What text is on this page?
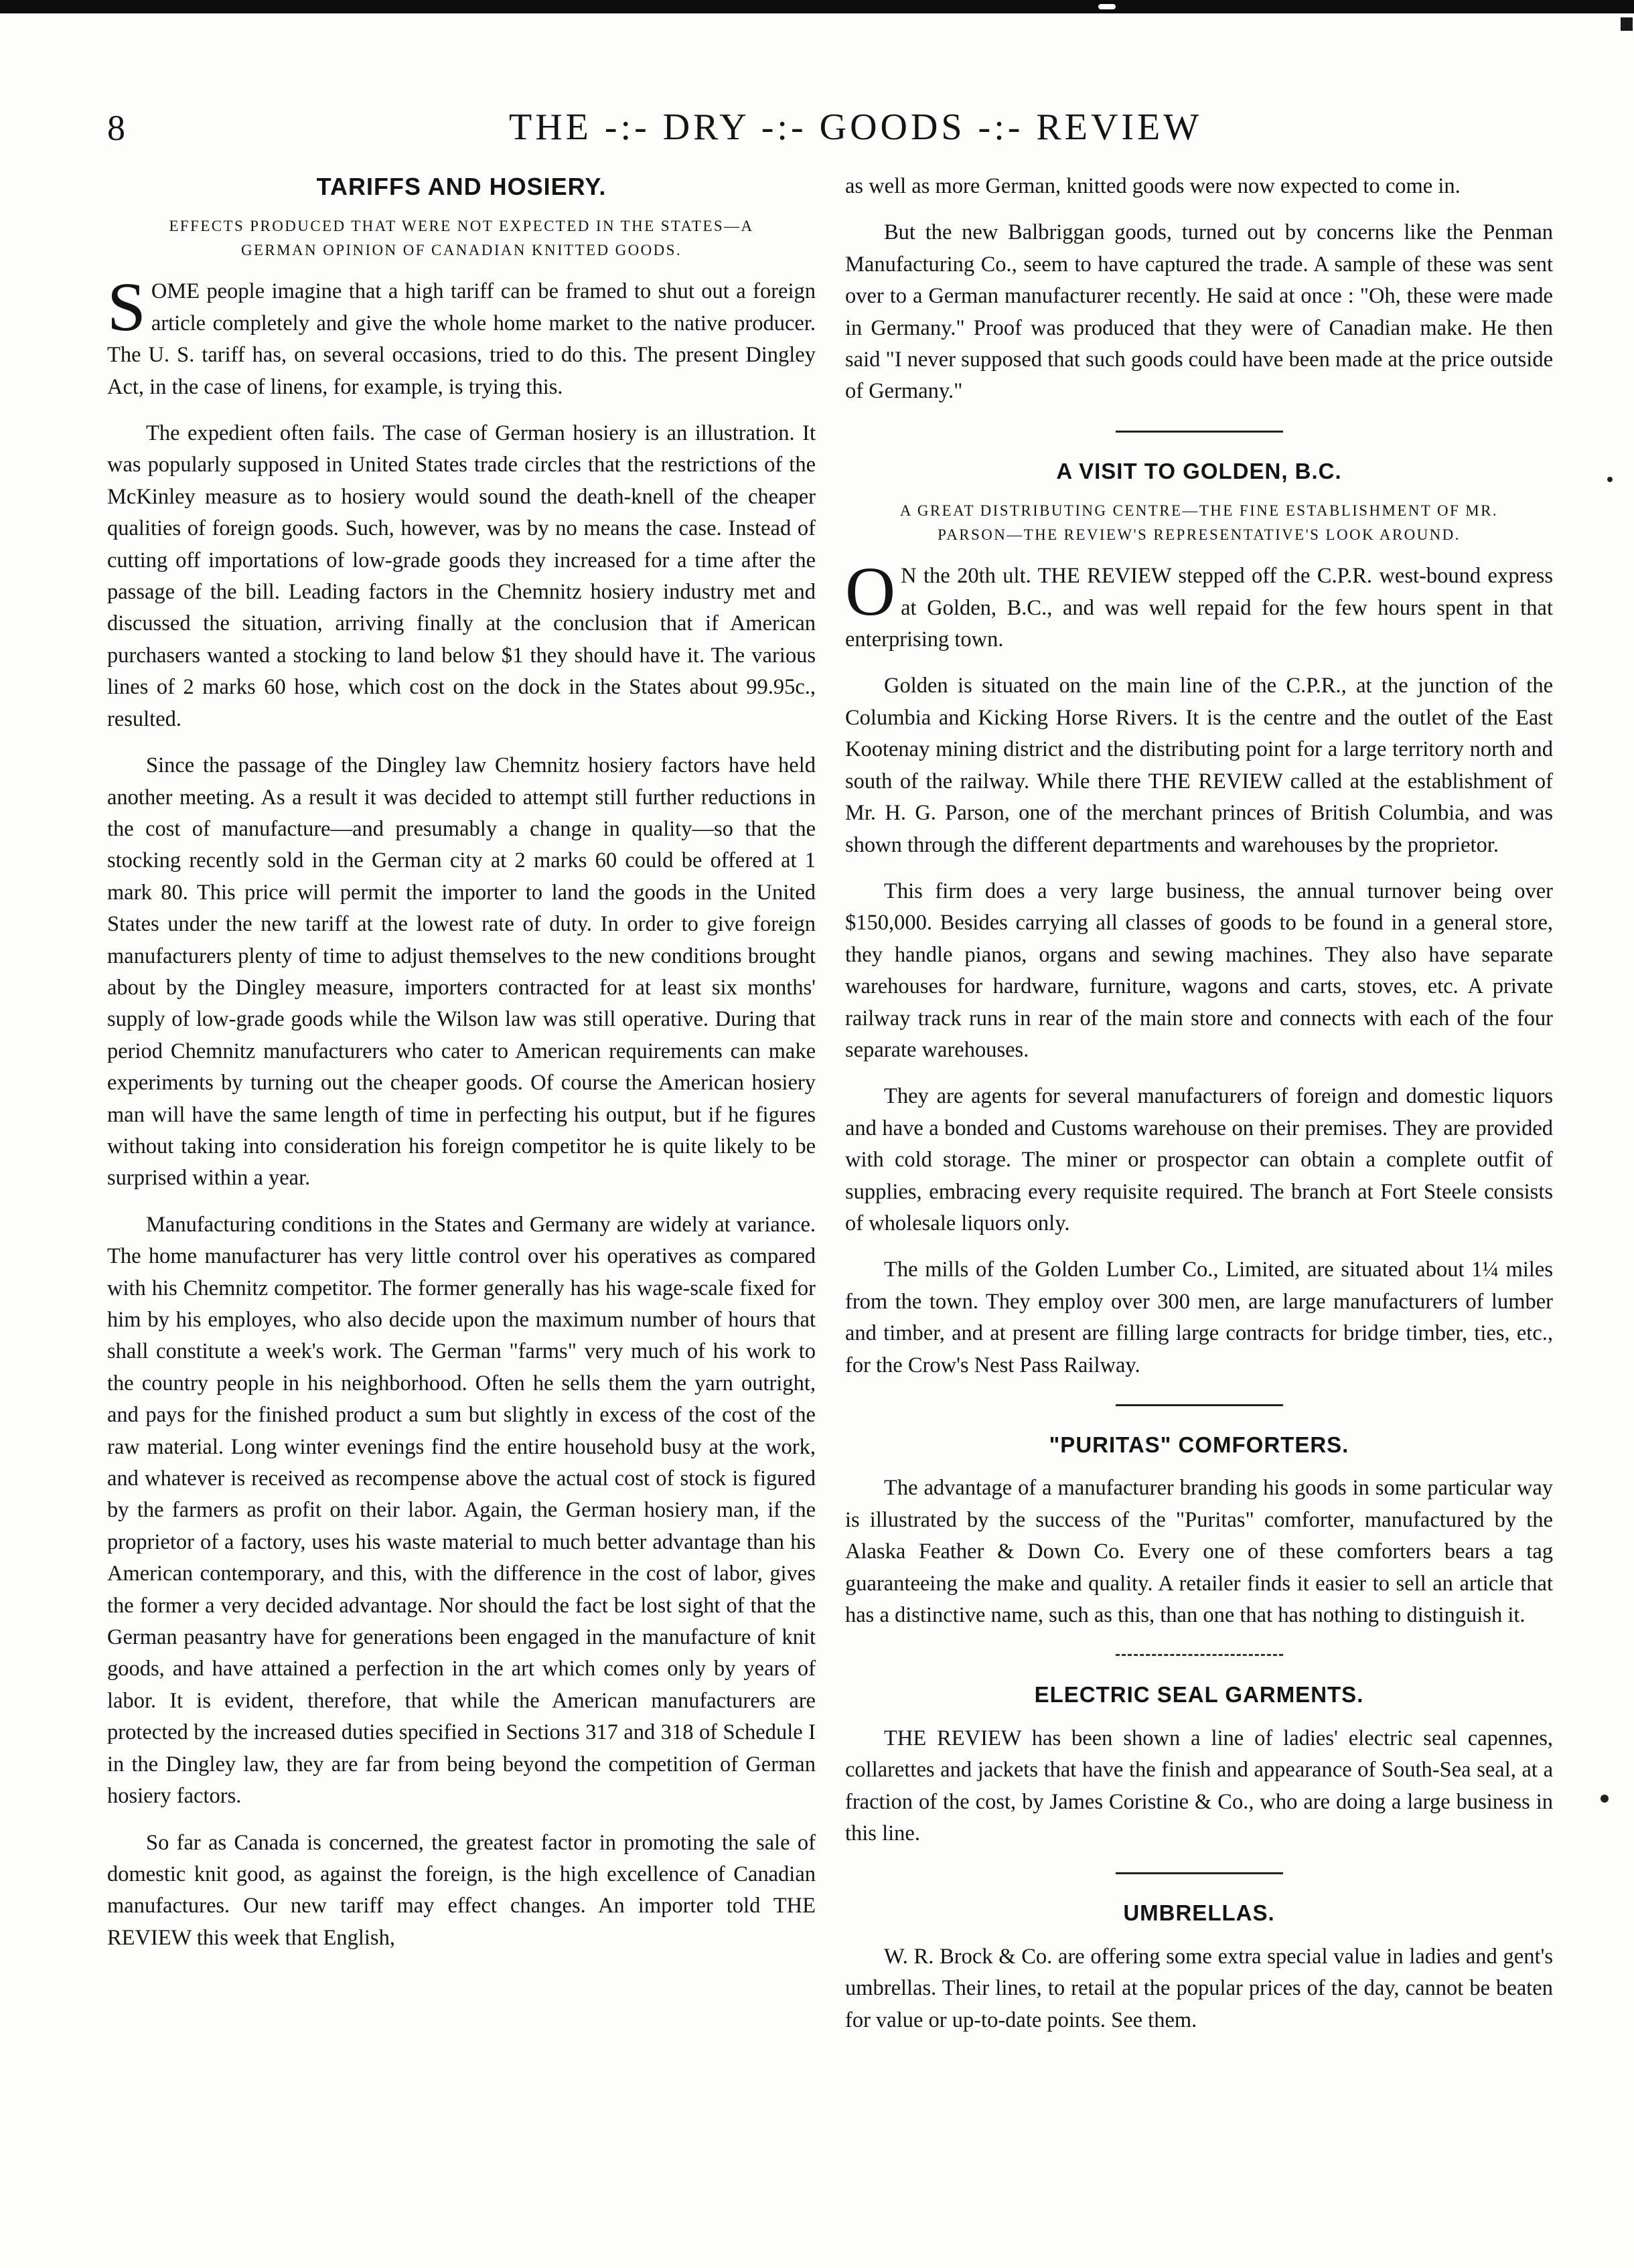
8	THE -:- DRY -:- GOODS -:- REVIEW
TARIFFS AND HOSIERY.
EFFECTS PRODUCED THAT WERE NOT EXPECTED IN THE STATES—A GERMAN OPINION OF CANADIAN KNITTED GOODS.

SOME people imagine that a high tariff can be framed to shut out a foreign article completely and give the whole home market to the native producer. The U. S. tariff has, on several occasions, tried to do this. The present Dingley Act, in the case of linens, for example, is trying this.

The expedient often fails. The case of German hosiery is an illustration. It was popularly supposed in United States trade circles that the restrictions of the McKinley measure as to hosiery would sound the death-knell of the cheaper qualities of foreign goods. Such, however, was by no means the case. Instead of cutting off importations of low-grade goods they increased for a time after the passage of the bill. Leading factors in the Chemnitz hosiery industry met and discussed the situation, arriving finally at the conclusion that if American purchasers wanted a stocking to land below $1 they should have it. The various lines of 2 marks 60 hose, which cost on the dock in the States about 99.95c., resulted.

Since the passage of the Dingley law Chemnitz hosiery factors have held another meeting. As a result it was decided to attempt still further reductions in the cost of manufacture—and presumably a change in quality—so that the stocking recently sold in the German city at 2 marks 60 could be offered at 1 mark 80. This price will permit the importer to land the goods in the United States under the new tariff at the lowest rate of duty. In order to give foreign manufacturers plenty of time to adjust themselves to the new conditions brought about by the Dingley measure, importers contracted for at least six months' supply of low-grade goods while the Wilson law was still operative. During that period Chemnitz manufacturers who cater to American requirements can make experiments by turning out the cheaper goods. Of course the American hosiery man will have the same length of time in perfecting his output, but if he figures without taking into consideration his foreign competitor he is quite likely to be surprised within a year.

Manufacturing conditions in the States and Germany are widely at variance. The home manufacturer has very little control over his operatives as compared with his Chemnitz competitor. The former generally has his wage-scale fixed for him by his employes, who also decide upon the maximum number of hours that shall constitute a week's work. The German "farms" very much of his work to the country people in his neighborhood. Often he sells them the yarn outright, and pays for the finished product a sum but slightly in excess of the cost of the raw material. Long winter evenings find the entire household busy at the work, and whatever is received as recompense above the actual cost of stock is figured by the farmers as profit on their labor. Again, the German hosiery man, if the proprietor of a factory, uses his waste material to much better advantage than his American contemporary, and this, with the difference in the cost of labor, gives the former a very decided advantage. Nor should the fact be lost sight of that the German peasantry have for generations been engaged in the manufacture of knit goods, and have attained a perfection in the art which comes only by years of labor. It is evident, therefore, that while the American manufacturers are protected by the increased duties specified in Sections 317 and 318 of Schedule I in the Dingley law, they are far from being beyond the competition of German hosiery factors.

So far as Canada is concerned, the greatest factor in promoting the sale of domestic knit good, as against the foreign, is the high excellence of Canadian manufactures. Our new tariff may effect changes. An importer told THE REVIEW this week that English,

as well as more German, knitted goods were now expected to come in.

But the new Balbriggan goods, turned out by concerns like the Penman Manufacturing Co., seem to have captured the trade. A sample of these was sent over to a German manufacturer recently. He said at once : "Oh, these were made in Germany." Proof was produced that they were of Canadian make. He then said "I never supposed that such goods could have been made at the price outside of Germany."

A VISIT TO GOLDEN, B.C.
A GREAT DISTRIBUTING CENTRE—THE FINE ESTABLISHMENT OF MR. PARSON—THE REVIEW'S REPRESENTATIVE'S LOOK AROUND.

ON the 20th ult. THE REVIEW stepped off the C.P.R. west-bound express at Golden, B.C., and was well repaid for the few hours spent in that enterprising town.

Golden is situated on the main line of the C.P.R., at the junction of the Columbia and Kicking Horse Rivers. It is the centre and the outlet of the East Kootenay mining district and the distributing point for a large territory north and south of the railway. While there THE REVIEW called at the establishment of Mr. H. G. Parson, one of the merchant princes of British Columbia, and was shown through the different departments and warehouses by the proprietor.

This firm does a very large business, the annual turnover being over $150,000. Besides carrying all classes of goods to be found in a general store, they handle pianos, organs and sewing machines. They also have separate warehouses for hardware, furniture, wagons and carts, stoves, etc. A private railway track runs in rear of the main store and connects with each of the four separate warehouses.

They are agents for several manufacturers of foreign and domestic liquors and have a bonded and Customs warehouse on their premises. They are provided with cold storage. The miner or prospector can obtain a complete outfit of supplies, embracing every requisite required. The branch at Fort Steele consists of wholesale liquors only.

The mills of the Golden Lumber Co., Limited, are situated about 1¼ miles from the town. They employ over 300 men, are large manufacturers of lumber and timber, and at present are filling large contracts for bridge timber, ties, etc., for the Crow's Nest Pass Railway.

"PURITAS" COMFORTERS.

The advantage of a manufacturer branding his goods in some particular way is illustrated by the success of the "Puritas" comforter, manufactured by the Alaska Feather & Down Co. Every one of these comforters bears a tag guaranteeing the make and quality. A retailer finds it easier to sell an article that has a distinctive name, such as this, than one that has nothing to distinguish it.

ELECTRIC SEAL GARMENTS.

THE REVIEW has been shown a line of ladies' electric seal capennes, collarettes and jackets that have the finish and appearance of South-Sea seal, at a fraction of the cost, by James Coristine & Co., who are doing a large business in this line.

UMBRELLAS.

W. R. Brock & Co. are offering some extra special value in ladies and gent's umbrellas. Their lines, to retail at the popular prices of the day, cannot be beaten for value or up-to-date points. See them.
